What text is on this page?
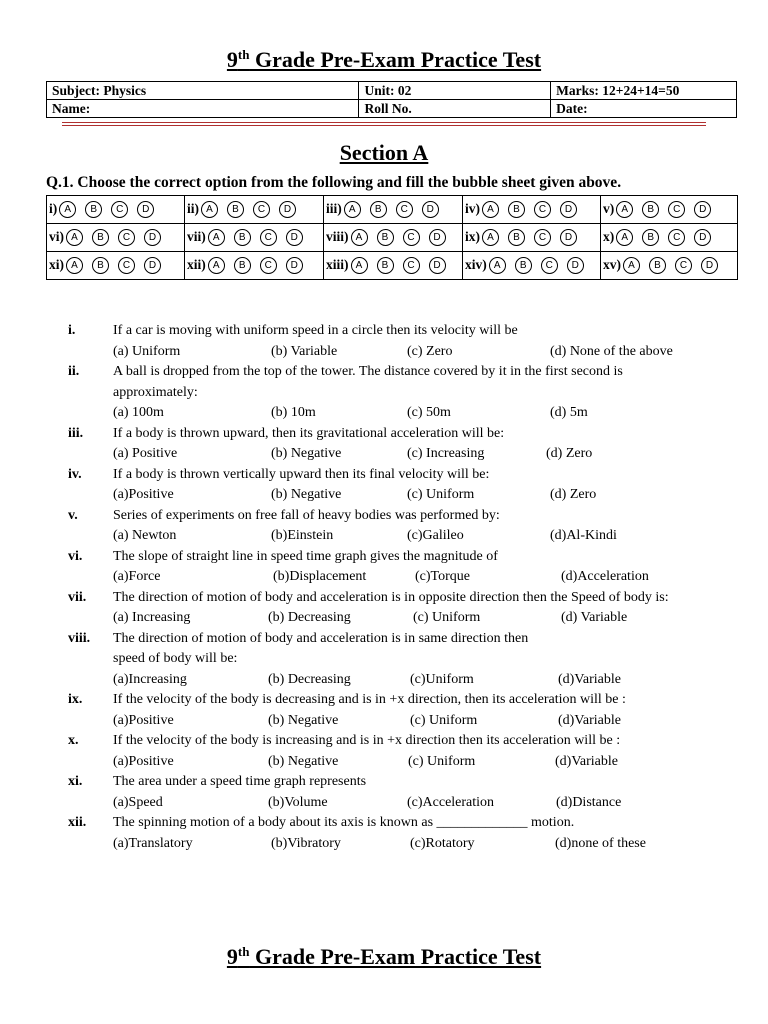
9th Grade Pre-Exam Practice Test
Subject: Physics	Unit: 02	Marks: 12+24+14=50
Name:	Roll No.	Date:
Section A
Q.1. Choose the correct option from the following and fill the bubble sheet given above.
i) A B C D	ii) A B C D	iii) A B C D	iv) A B C D	v) A B C D
vi) A B C D	vii) A B C D	viii) A B C D	ix) A B C D	x) A B C D
xi) A B C D	xii) A B C D	xiii) A B C D	xiv) A B C D	xv) A B C D
i.	If a car is moving with uniform speed in a circle then its velocity will be
(a) Uniform	(b) Variable	(c) Zero	(d) None of the above
ii. A ball is dropped from the top of the tower. The distance covered by it in the first second is
approximately:
(a) 100m	(b) 10m	(c) 50m	(d) 5m
iii. If a body is thrown upward, then its gravitational acceleration will be:
(a) Positive	(b) Negative	(c) Increasing	(d) Zero
iv. If a body is thrown vertically upward then its final velocity will be:
(a)Positive	(b) Negative	(c) Uniform	(d) Zero
v.	Series of experiments on free fall of heavy bodies was performed by:
(a) Newton	(b)Einstein	(c)Galileo	(d)Al-Kindi
vi. The slope of straight line in speed time graph gives the magnitude of
(a)Force	(b)Displacement	(c)Torque	(d)Acceleration
vii. The direction of motion of body and acceleration is in opposite direction then the Speed of body is:
(a) Increasing	(b) Decreasing	(c) Uniform	(d) Variable
viii. The direction of motion of body and acceleration is in same direction then
speed of body will be:
(a)Increasing	(b) Decreasing	(c)Uniform	(d)Variable
ix. If the velocity of the body is decreasing and is in +x direction, then its acceleration will be :
(a)Positive	(b) Negative	(c) Uniform	(d)Variable
x. If the velocity of the body is increasing and is in +x direction then its acceleration will be :
(a)Positive	(b) Negative	(c) Uniform	(d)Variable
xi. The area under a speed time graph represents
(a)Speed	(b)Volume	(c)Acceleration	(d)Distance
xii. The spinning motion of a body about its axis is known as _____________ motion.
(a)Translatory	(b)Vibratory	(c)Rotatory	(d)none of these
9th Grade Pre-Exam Practice Test
